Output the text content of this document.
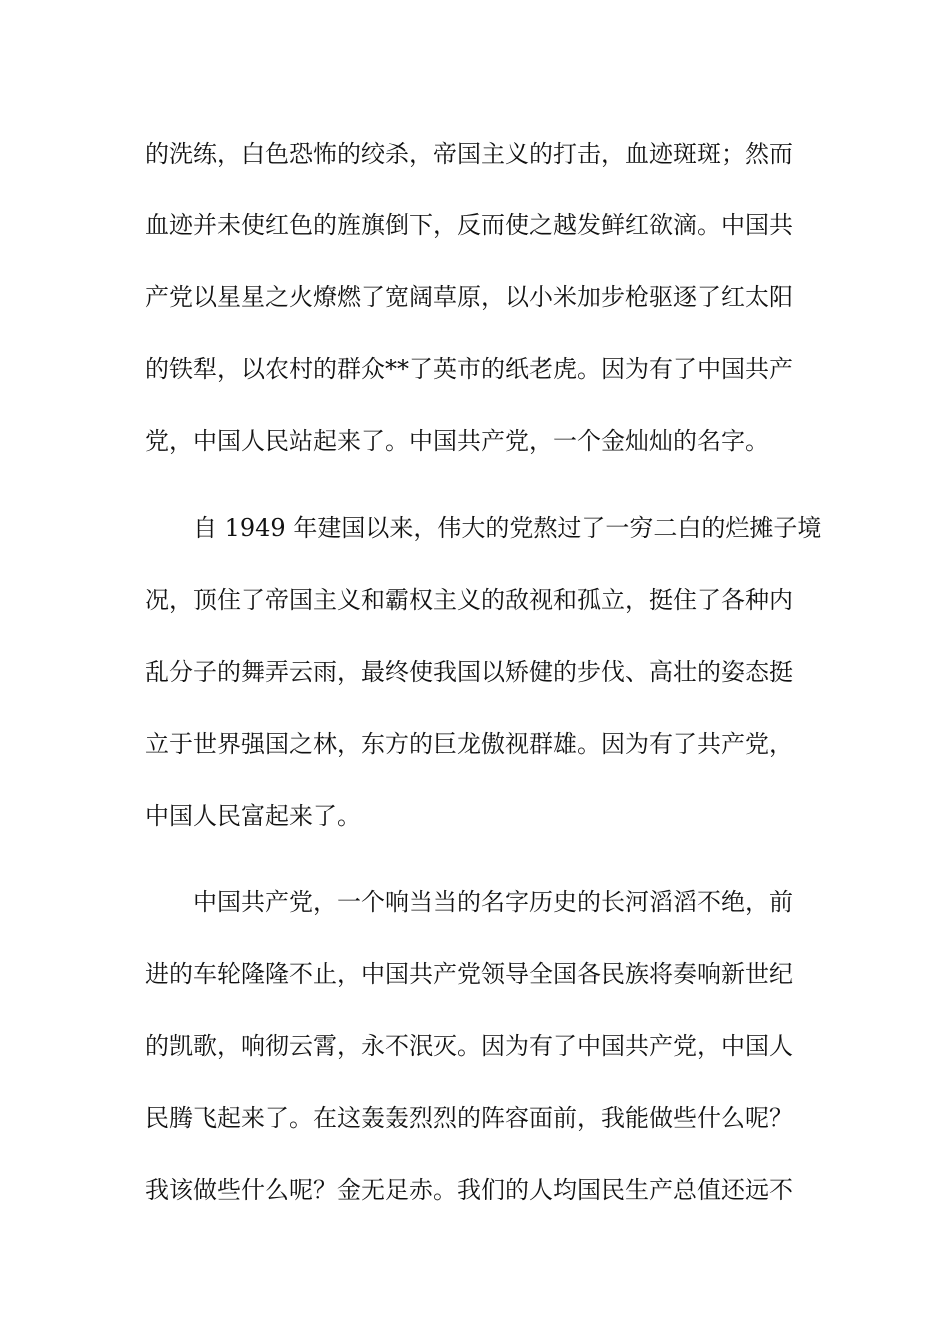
的洗练，白色恐怖的绞杀，帝国主义的打击，血迹斑斑；然而
血迹并未使红色的旌旗倒下，反而使之越发鲜红欲滴。中国共
产党以星星之火燎燃了宽阔草原，以小米加步枪驱逐了红太阳
的铁犁，以农村的群众**了英市的纸老虎。因为有了中国共产
党，中国人民站起来了。中国共产党，一个金灿灿的名字。
自 1949 年建国以来，伟大的党熬过了一穷二白的烂摊子境
况，顶住了帝国主义和霸权主义的敌视和孤立，挺住了各种内
乱分子的舞弄云雨，最终使我国以矫健的步伐、高壮的姿态挺
立于世界强国之林，东方的巨龙傲视群雄。因为有了共产党，
中国人民富起来了。
中国共产党，一个响当当的名字历史的长河滔滔不绝，前
进的车轮隆隆不止，中国共产党领导全国各民族将奏响新世纪
的凯歌，响彻云霄，永不泯灭。因为有了中国共产党，中国人
民腾飞起来了。在这轰轰烈烈的阵容面前，我能做些什么呢？
我该做些什么呢？金无足赤。我们的人均国民生产总值还远不
